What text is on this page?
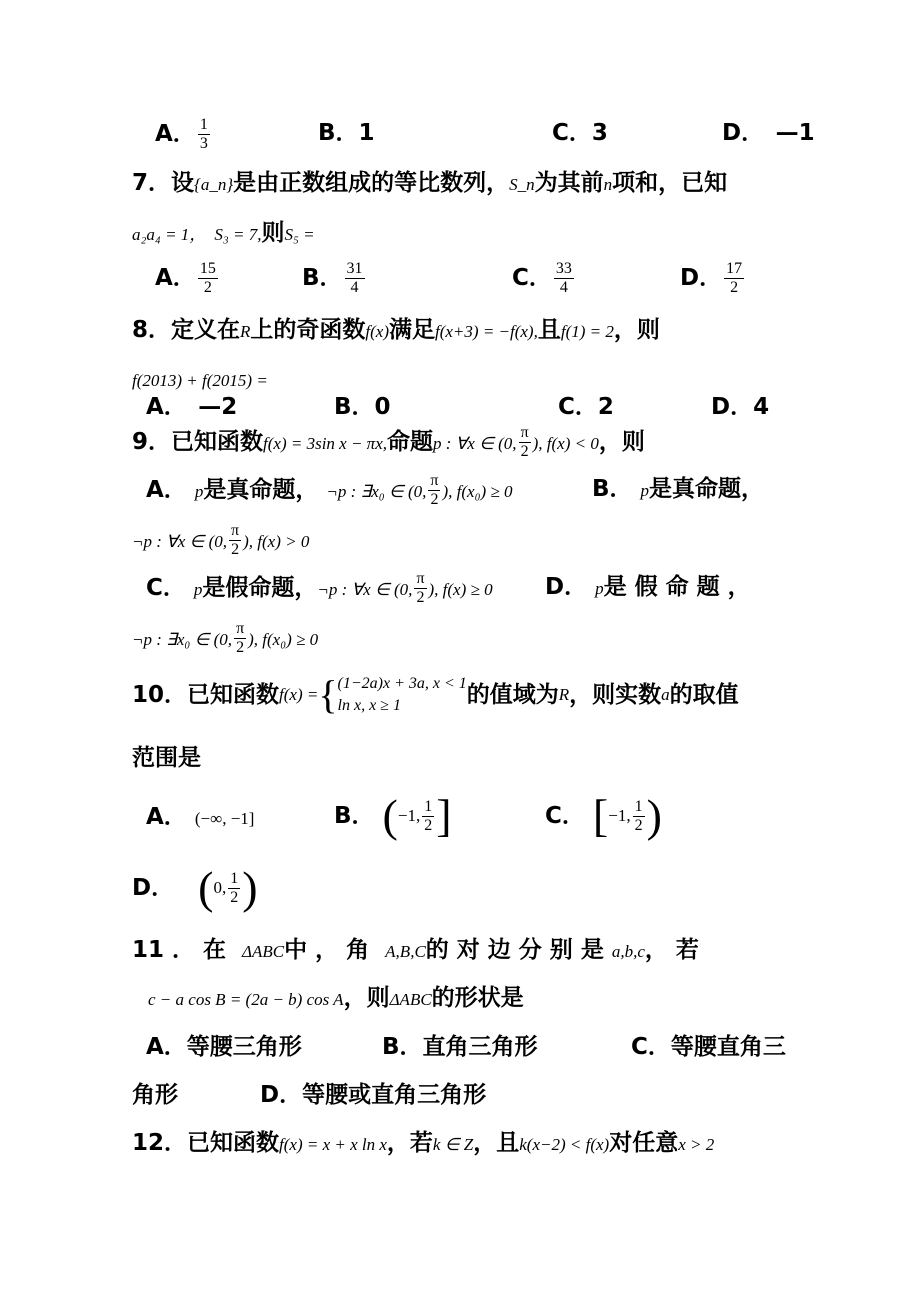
A． $\frac{1}{3}$	B．1	C．3	D．　—1
7．设{a_n}是由正数组成的等比数列，S_n为其前n项和，已知
a₂a₄ = 1， S₃ = 7,则S₅ =
A． $\frac{15}{2}$	B． $\frac{31}{4}$	C． $\frac{33}{4}$	D． $\frac{17}{2}$
8．定义在R上的奇函数f(x)满足f(x+3) = −f(x),且f(1) = 2，则
f(2013) + f(2015) =
A．　—2	B．0	C．2	D．4
9．已知函数f(x) = 3sin x − πx,命题p : ∀x ∈ (0, $\frac{\pi}{2}$ ), f(x) < 0，则
A． p是真命题， ¬p : ∃x₀ ∈ (0, $\frac{\pi}{2}$ ), f(x₀) ≥ 0	B． p是真命题，
¬p : ∀x ∈ (0, $\frac{\pi}{2}$ ), f(x) > 0
C． p是假命题，¬p : ∀x ∈ (0, $\frac{\pi}{2}$ ), f(x) ≥ 0 D． p是 假 命 题 ，
¬p : ∃x₀ ∈ (0, $\frac{\pi}{2}$ ), f(x₀) ≥ 0
10．已知函数f(x) ={ (1−2a)x + 3a, x < 1
ln x, x ≥ 1	的值域为R，则实数a的取值
范围是
A． (−∞, −1]	B． (−1, $\frac{1}{2}$ ]	C． [−1, $\frac{1}{2}$ )
D． (0, $\frac{1}{2}$ )
11 ． 在 ΔABC中 ， 角 A,B,C的 对 边 分 别 是 a,b,c， 若
c − a cos B = (2a − b) cos A，则ΔABC的形状是
A．等腰三角形	B．直角三角形	C．等腰直角三
角形	D．等腰或直角三角形
12．已知函数f(x) = x + x ln x，若k ∈ Z，且k(x−2) < f(x)对任意x > 2
